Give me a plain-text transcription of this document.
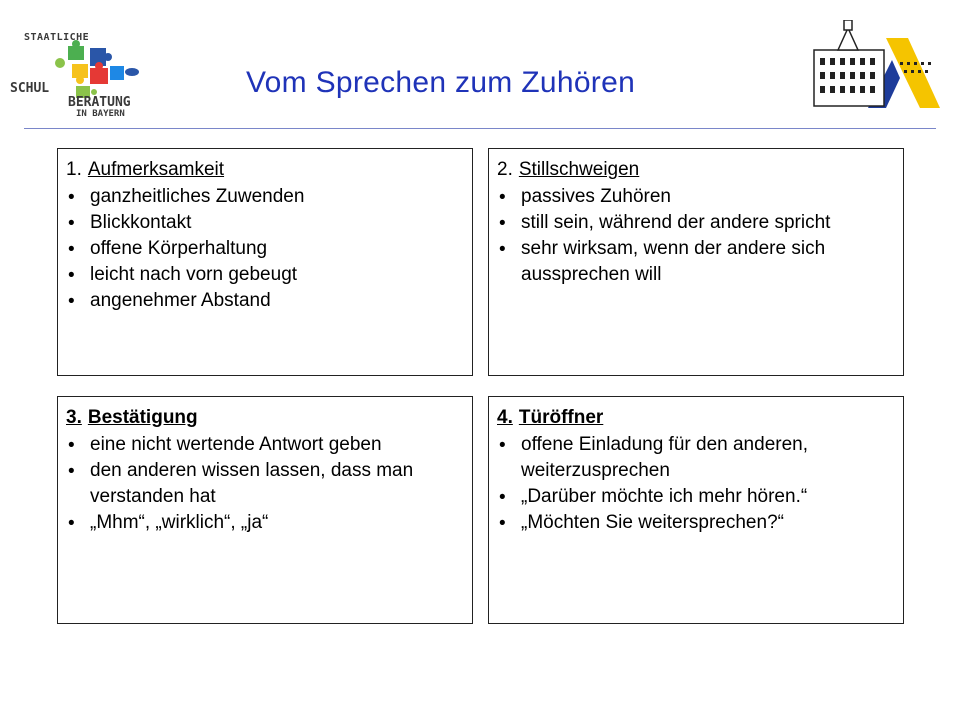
STAATLICHE
SCHUL
BERATUNG
IN BAYERN
Vom Sprechen zum Zuhören
1. Aufmerksamkeit
• ganzheitliches Zuwenden
• Blickkontakt
• offene Körperhaltung
• leicht nach vorn gebeugt
• angenehmer Abstand
2. Stillschweigen
• passives Zuhören
• still sein, während der andere spricht
• sehr wirksam, wenn der andere sich aussprechen will
3. Bestätigung
• eine nicht wertende Antwort geben
• den anderen wissen lassen, dass man verstanden hat
• „Mhm“, „wirklich“, „ja“
4. Türöffner
• offene Einladung für den anderen, weiterzusprechen
• „Darüber möchte ich mehr hören.“
• „Möchten Sie weitersprechen?“
